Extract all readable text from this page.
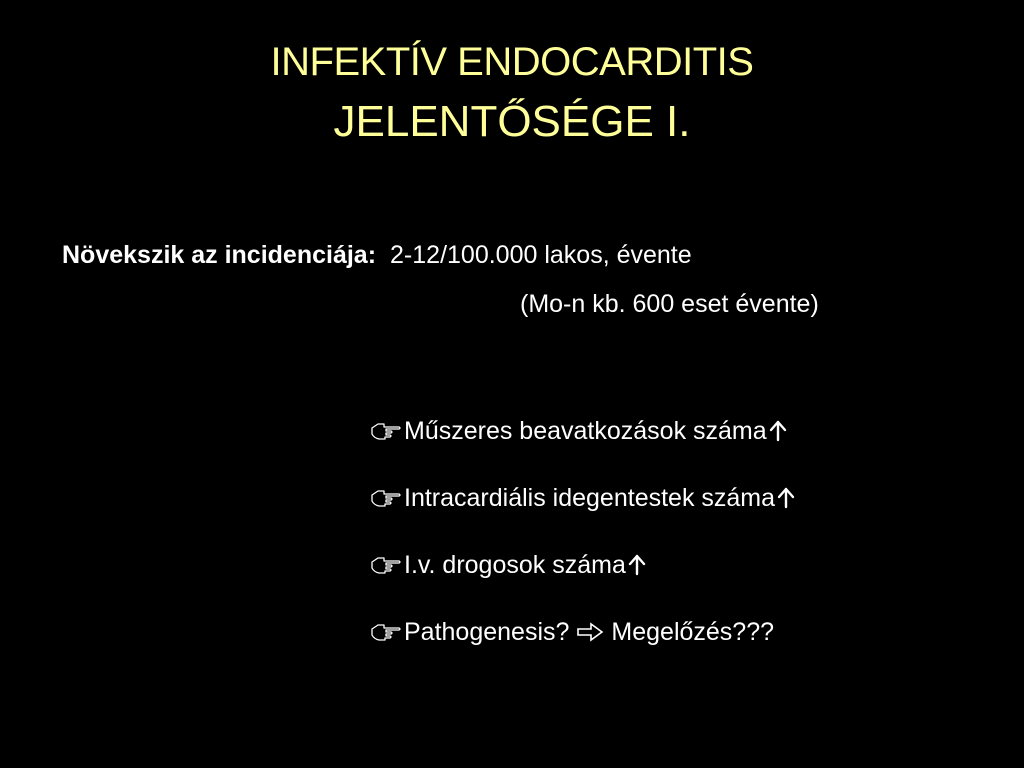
INFEKTÍV ENDOCARDITIS
JELENTŐSÉGE I.
Növekszik az incidenciája: 2-12/100.000 lakos, évente
(Mo-n kb. 600 eset évente)
Műszeres beavatkozások száma
Intracardiális idegentestek száma
I.v. drogosok száma
Pathogenesis? Megelőzés???
